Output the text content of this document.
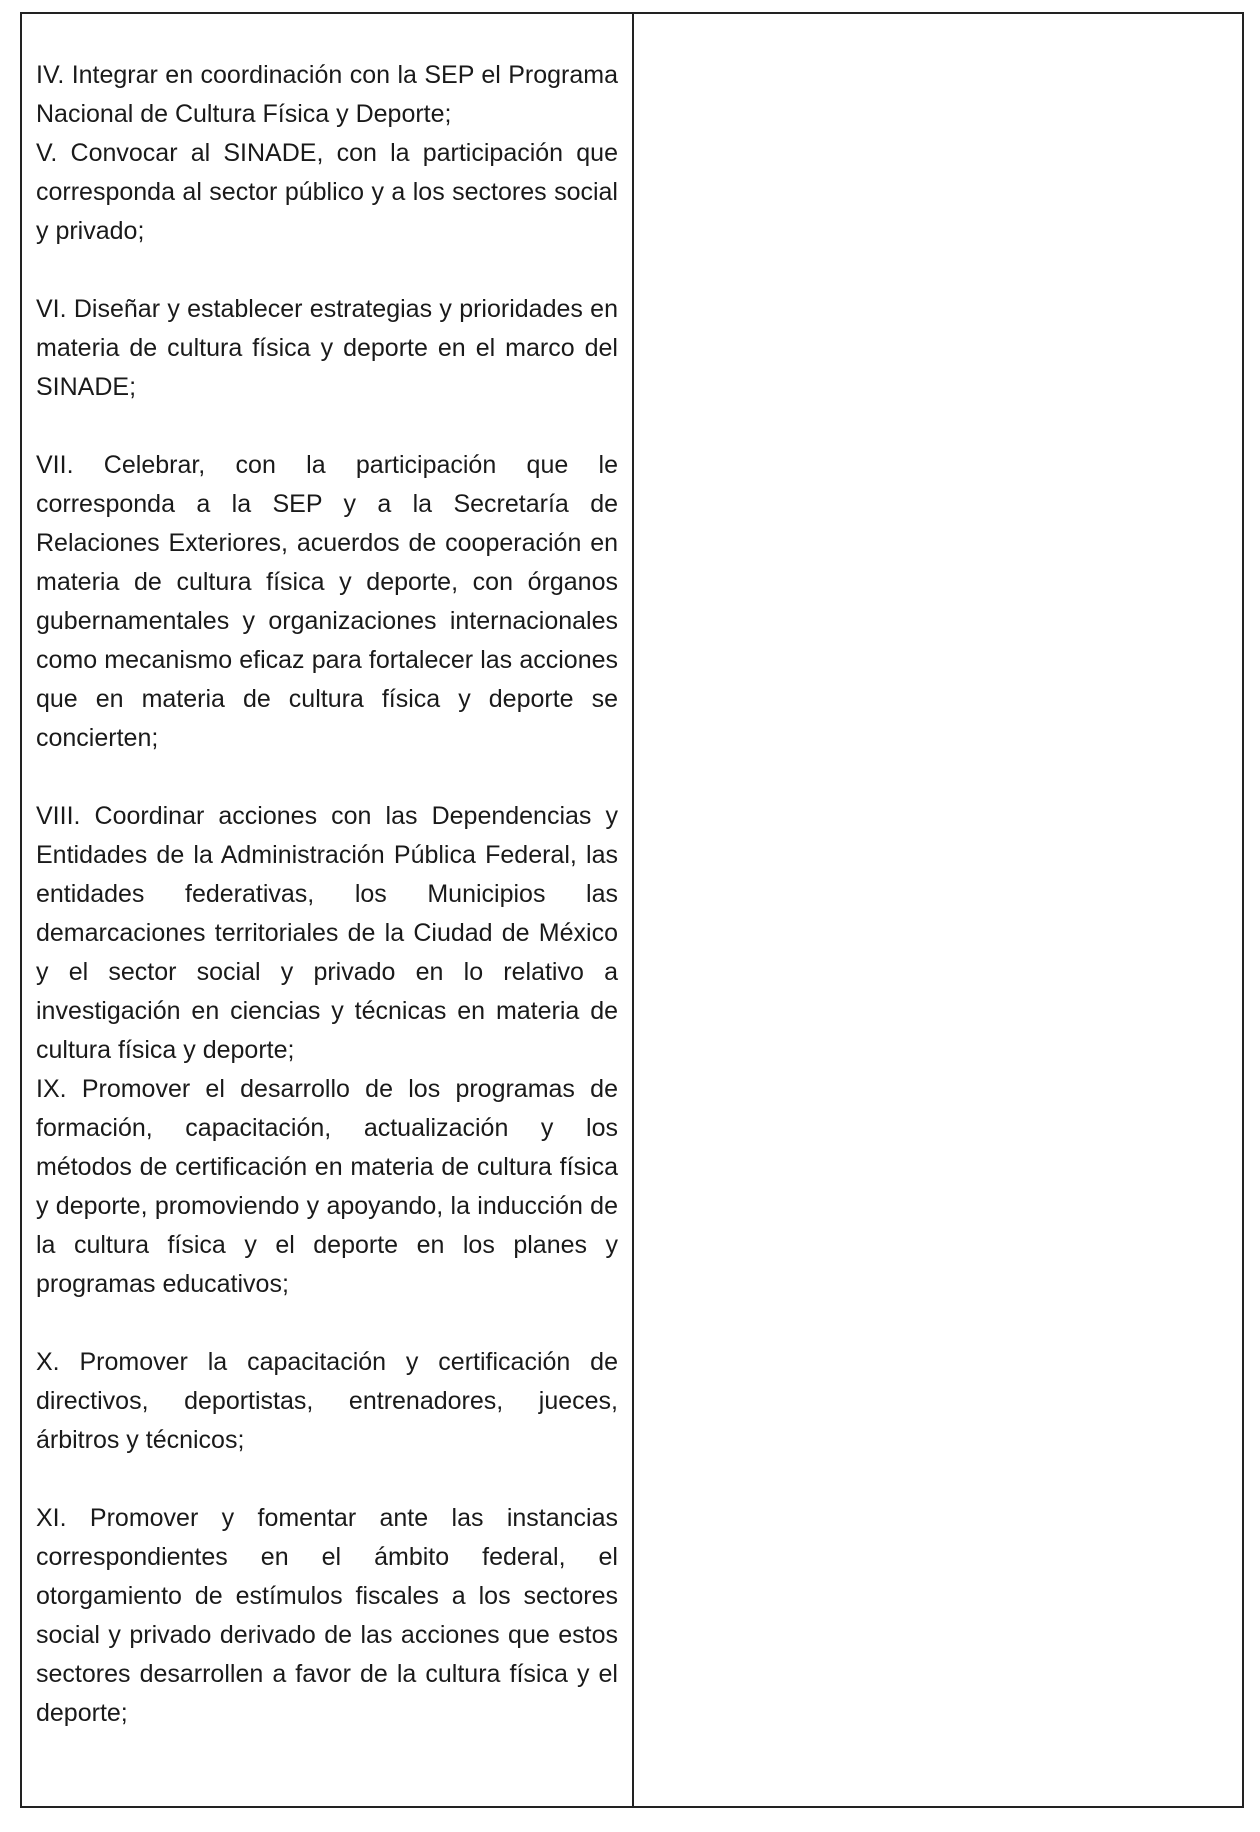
IV. Integrar en coordinación con la SEP el Programa Nacional de Cultura Física y Deporte;

V. Convocar al SINADE, con la participación que corresponda al sector público y a los sectores social y privado;

VI. Diseñar y establecer estrategias y prioridades en materia de cultura física y deporte en el marco del SINADE;

VII. Celebrar, con la participación que le corresponda a la SEP y a la Secretaría de Relaciones Exteriores, acuerdos de cooperación en materia de cultura física y deporte, con órganos gubernamentales y organizaciones internacionales como mecanismo eficaz para fortalecer las acciones que en materia de cultura física y deporte se concierten;

VIII. Coordinar acciones con las Dependencias y Entidades de la Administración Pública Federal, las entidades federativas, los Municipios las demarcaciones territoriales de la Ciudad de México y el sector social y privado en lo relativo a investigación en ciencias y técnicas en materia de cultura física y deporte;

IX. Promover el desarrollo de los programas de formación, capacitación, actualización y los métodos de certificación en materia de cultura física y deporte, promoviendo y apoyando, la inducción de la cultura física y el deporte en los planes y programas educativos;

X. Promover la capacitación y certificación de directivos, deportistas, entrenadores, jueces, árbitros y técnicos;

XI. Promover y fomentar ante las instancias correspondientes en el ámbito federal, el otorgamiento de estímulos fiscales a los sectores social y privado derivado de las acciones que estos sectores desarrollen a favor de la cultura física y el deporte;
